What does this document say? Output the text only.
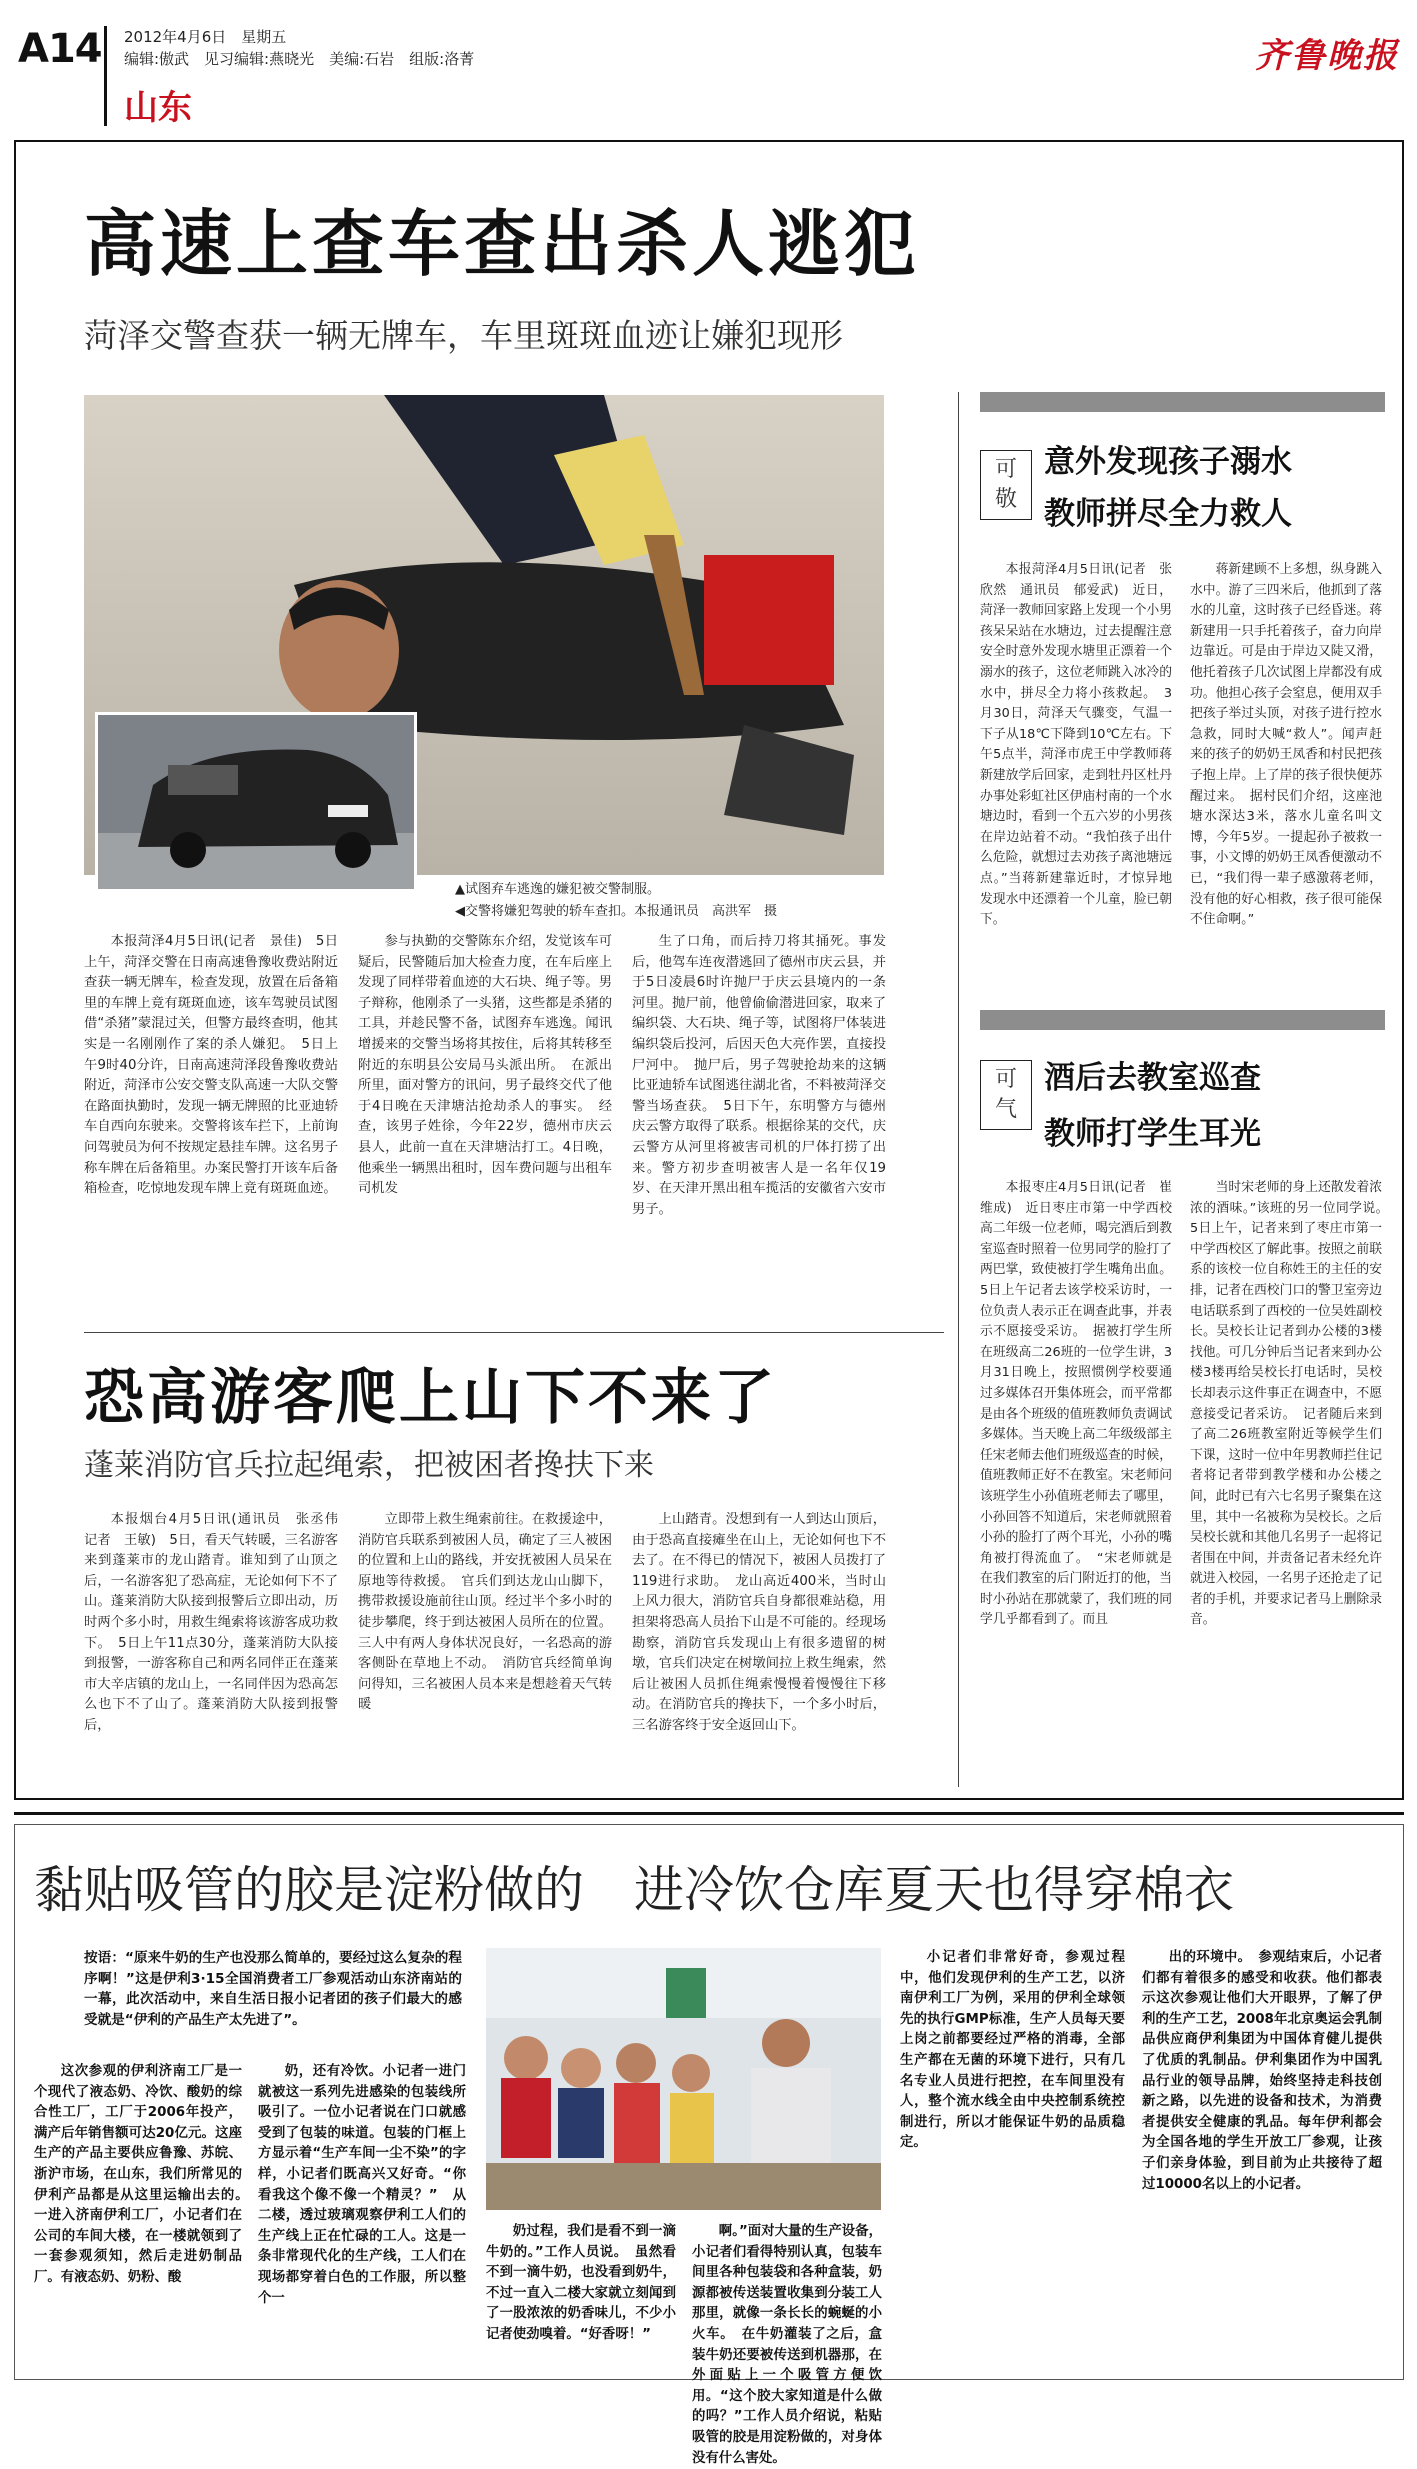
A14 2012年4月6日　星期五
编辑:傲武　见习编辑:燕晓光　美编:石岩　组版:洛菁
山东
齐鲁晚报
高速上查车查出杀人逃犯
菏泽交警查获一辆无牌车，车里斑斑血迹让嫌犯现形
▲试图弃车逃逸的嫌犯被交警制服。
◀交警将嫌犯驾驶的轿车查扣。本报通讯员　高洪军　摄

本报菏泽4月5日讯(记者　景佳)　5日上午，菏泽交警在日南高速鲁豫收费站附近查获一辆无牌车，检查发现，放置在后备箱里的车牌上竟有斑斑血迹，该车驾驶员试图借“杀猪”蒙混过关，但警方最终查明，他其实是一名刚刚作了案的杀人嫌犯。　5日上午9时40分许，日南高速菏泽段鲁豫收费站附近，菏泽市公安交警支队高速一大队交警在路面执勤时，发现一辆无牌照的比亚迪轿车自西向东驶来。交警将该车拦下，上前询问驾驶员为何不按规定悬挂车牌。这名男子称车牌在后备箱里。办案民警打开该车后备箱检查，吃惊地发现车牌上竟有斑斑血迹。

参与执勤的交警陈东介绍，发觉该车可疑后，民警随后加大检查力度，在车后座上发现了同样带着血迹的大石块、绳子等。男子辩称，他刚杀了一头猪，这些都是杀猪的工具，并趁民警不备，试图弃车逃逸。闻讯增援来的交警当场将其按住，后将其转移至附近的东明县公安局马头派出所。　在派出所里，面对警方的讯问，男子最终交代了他于4日晚在天津塘沽抢劫杀人的事实。　经查，该男子姓徐，今年22岁，德州市庆云县人，此前一直在天津塘沽打工。4日晚，他乘坐一辆黑出租时，因车费问题与出租车司机发

生了口角，而后持刀将其捅死。事发后，他驾车连夜潜逃回了德州市庆云县，并于5日凌晨6时许抛尸于庆云县境内的一条河里。抛尸前，他曾偷偷潜进回家，取来了编织袋、大石块、绳子等，试图将尸体装进编织袋后投河，后因天色大亮作罢，直接投尸河中。　抛尸后，男子驾驶抢劫来的这辆比亚迪轿车试图逃往湖北省，不料被菏泽交警当场查获。　5日下午，东明警方与德州庆云警方取得了联系。根据徐某的交代，庆云警方从河里将被害司机的尸体打捞了出来。警方初步查明被害人是一名年仅19岁、在天津开黑出租车揽活的安徽省六安市男子。

可
敬
意外发现孩子溺水
教师拼尽全力救人

本报菏泽4月5日讯(记者　张欣然　通讯员　郁爱武)　近日，菏泽一教师回家路上发现一个小男孩呆呆站在水塘边，过去提醒注意安全时意外发现水塘里正漂着一个溺水的孩子，这位老师跳入冰冷的水中，拼尽全力将小孩救起。　3月30日，菏泽天气骤变，气温一下子从18℃下降到10℃左右。下午5点半，菏泽市虎王中学教师蒋新建放学后回家，走到牡丹区杜丹办事处彩虹社区伊庙村南的一个水塘边时，看到一个五六岁的小男孩在岸边站着不动。“我怕孩子出什么危险，就想过去劝孩子离池塘远点。”当蒋新建靠近时，才惊异地发现水中还漂着一个儿童，脸已朝下。

蒋新建顾不上多想，纵身跳入水中。游了三四米后，他抓到了落水的儿童，这时孩子已经昏迷。蒋新建用一只手托着孩子，奋力向岸边靠近。可是由于岸边又陡又滑，他托着孩子几次试图上岸都没有成功。他担心孩子会窒息，便用双手把孩子举过头顶，对孩子进行控水急救，同时大喊“救人”。闻声赶来的孩子的奶奶王凤香和村民把孩子抱上岸。上了岸的孩子很快便苏醒过来。　据村民们介绍，这座池塘水深达3米，落水儿童名叫文博，今年5岁。一提起孙子被救一事，小文博的奶奶王凤香便激动不已，“我们得一辈子感激蒋老师，没有他的好心相救，孩子很可能保不住命啊。”

可
气
酒后去教室巡查
教师打学生耳光

本报枣庄4月5日讯(记者　崔维成)　近日枣庄市第一中学西校高二年级一位老师，喝完酒后到教室巡查时照着一位男同学的脸打了两巴掌，致使被打学生嘴角出血。5日上午记者去该学校采访时，一位负责人表示正在调查此事，并表示不愿接受采访。　据被打学生所在班级高二26班的一位学生讲，3月31日晚上，按照惯例学校要通过多媒体召开集体班会，而平常都是由各个班级的值班教师负责调试多媒体。当天晚上高二年级级部主任宋老师去他们班级巡查的时候，值班教师正好不在教室。宋老师问该班学生小孙值班老师去了哪里，小孙回答不知道后，宋老师就照着小孙的脸打了两个耳光，小孙的嘴角被打得流血了。　“宋老师就是在我们教室的后门附近打的他，当时小孙站在那就蒙了，我们班的同学几乎都看到了。而且

当时宋老师的身上还散发着浓浓的酒味。”该班的另一位同学说。　5日上午，记者来到了枣庄市第一中学西校区了解此事。按照之前联系的该校一位自称姓王的主任的安排，记者在西校门口的警卫室旁边电话联系到了西校的一位吴姓副校长。吴校长让记者到办公楼的3楼找他。可几分钟后当记者来到办公楼3楼再给吴校长打电话时，吴校长却表示这件事正在调查中，不愿意接受记者采访。　记者随后来到了高二26班教室附近等候学生们下课，这时一位中年男教师拦住记者将记者带到教学楼和办公楼之间，此时已有六七名男子聚集在这里，其中一名被称为吴校长。之后吴校长就和其他几名男子一起将记者围在中间，并责备记者未经允许就进入校园，一名男子还抢走了记者的手机，并要求记者马上删除录音。

恐高游客爬上山下不来了
蓬莱消防官兵拉起绳索，把被困者搀扶下来

本报烟台4月5日讯(通讯员　张丞伟　记者　王敏)　5日，看天气转暖，三名游客来到蓬莱市的龙山踏青。谁知到了山顶之后，一名游客犯了恐高症，无论如何下不了山。蓬莱消防大队接到报警后立即出动，历时两个多小时，用救生绳索将该游客成功救下。　5日上午11点30分，蓬莱消防大队接到报警，一游客称自己和两名同伴正在蓬莱市大辛店镇的龙山上，一名同伴因为恐高怎么也下不了山了。蓬莱消防大队接到报警后，

立即带上救生绳索前往。在救援途中，消防官兵联系到被困人员，确定了三人被困的位置和上山的路线，并安抚被困人员呆在原地等待救援。　官兵们到达龙山山脚下，携带救援设施前往山顶。经过半个多小时的徒步攀爬，终于到达被困人员所在的位置。三人中有两人身体状况良好，一名恐高的游客侧卧在草地上不动。　消防官兵经简单询问得知，三名被困人员本来是想趁着天气转暖

上山踏青。没想到有一人到达山顶后，由于恐高直接瘫坐在山上，无论如何也下不去了。在不得已的情况下，被困人员拨打了119进行求助。　龙山高近400米，当时山上风力很大，消防官兵自身都很难站稳，用担架将恐高人员抬下山是不可能的。经现场勘察，消防官兵发现山上有很多遗留的树墩，官兵们决定在树墩间拉上救生绳索，然后让被困人员抓住绳索慢慢着慢慢往下移动。在消防官兵的搀扶下，一个多小时后，三名游客终于安全返回山下。

黏贴吸管的胶是淀粉做的　进冷饮仓库夏天也得穿棉衣

按语：“原来牛奶的生产也没那么简单的，要经过这么复杂的程序啊！”这是伊利3·15全国消费者工厂参观活动山东济南站的一幕，此次活动中，来自生活日报小记者团的孩子们最大的感受就是“伊利的产品生产太先进了”。

这次参观的伊利济南工厂是一个现代了液态奶、冷饮、酸奶的综合性工厂，工厂于2006年投产，满产后年销售额可达20亿元。这座生产的产品主要供应鲁豫、苏皖、浙沪市场，在山东，我们所常见的伊利产品都是从这里运输出去的。　一进入济南伊利工厂，小记者们在公司的车间大楼，在一楼就领到了一套参观须知，然后走进奶制品厂。有液态奶、奶粉、酸

奶，还有冷饮。小记者一进门就被这一系列先进感染的包装线所吸引了。一位小记者说在门口就感受到了包装的味道。包装的门框上方显示着“生产车间一尘不染”的字样，小记者们既高兴又好奇。“你看我这个像不像一个精灵？”　从二楼，透过玻璃观察伊利工人们的生产线上正在忙碌的工人。这是一条非常现代化的生产线，工人们在现场都穿着白色的工作服，所以整个一

奶过程，我们是看不到一滴牛奶的。”工作人员说。　虽然看不到一滴牛奶，也没看到奶牛，不过一直入二楼大家就立刻闻到了一股浓浓的奶香味儿，不少小记者使劲嗅着。“好香呀！”

啊。”面对大量的生产设备，小记者们看得特别认真，包装车间里各种包装袋和各种盒装，奶源都被传送装置收集到分装工人那里，就像一条长长的蜿蜒的小火车。　在牛奶灌装了之后，盒装牛奶还要被传送到机器那，在外面贴上一个吸管方便饮用。“这个胶大家知道是什么做的吗？”工作人员介绍说，粘贴吸管的胶是用淀粉做的，对身体没有什么害处。

小记者们非常好奇，参观过程中，他们发现伊利的生产工艺，以济南伊利工厂为例，采用的伊利全球领先的执行GMP标准，生产人员每天要上岗之前都要经过严格的消毒，全部生产都在无菌的环境下进行，只有几名专业人员进行把控，在车间里没有人，整个流水线全由中央控制系统控制进行，所以才能保证牛奶的品质稳定。

出的环境中。　参观结束后，小记者们都有着很多的感受和收获。他们都表示这次参观让他们大开眼界，了解了伊利的生产工艺，2008年北京奥运会乳制品供应商伊利集团为中国体育健儿提供了优质的乳制品。伊利集团作为中国乳品行业的领导品牌，始终坚持走科技创新之路，以先进的设备和技术，为消费者提供安全健康的乳品。每年伊利都会为全国各地的学生开放工厂参观，让孩子们亲身体验，到目前为止共接待了超过10000名以上的小记者。
